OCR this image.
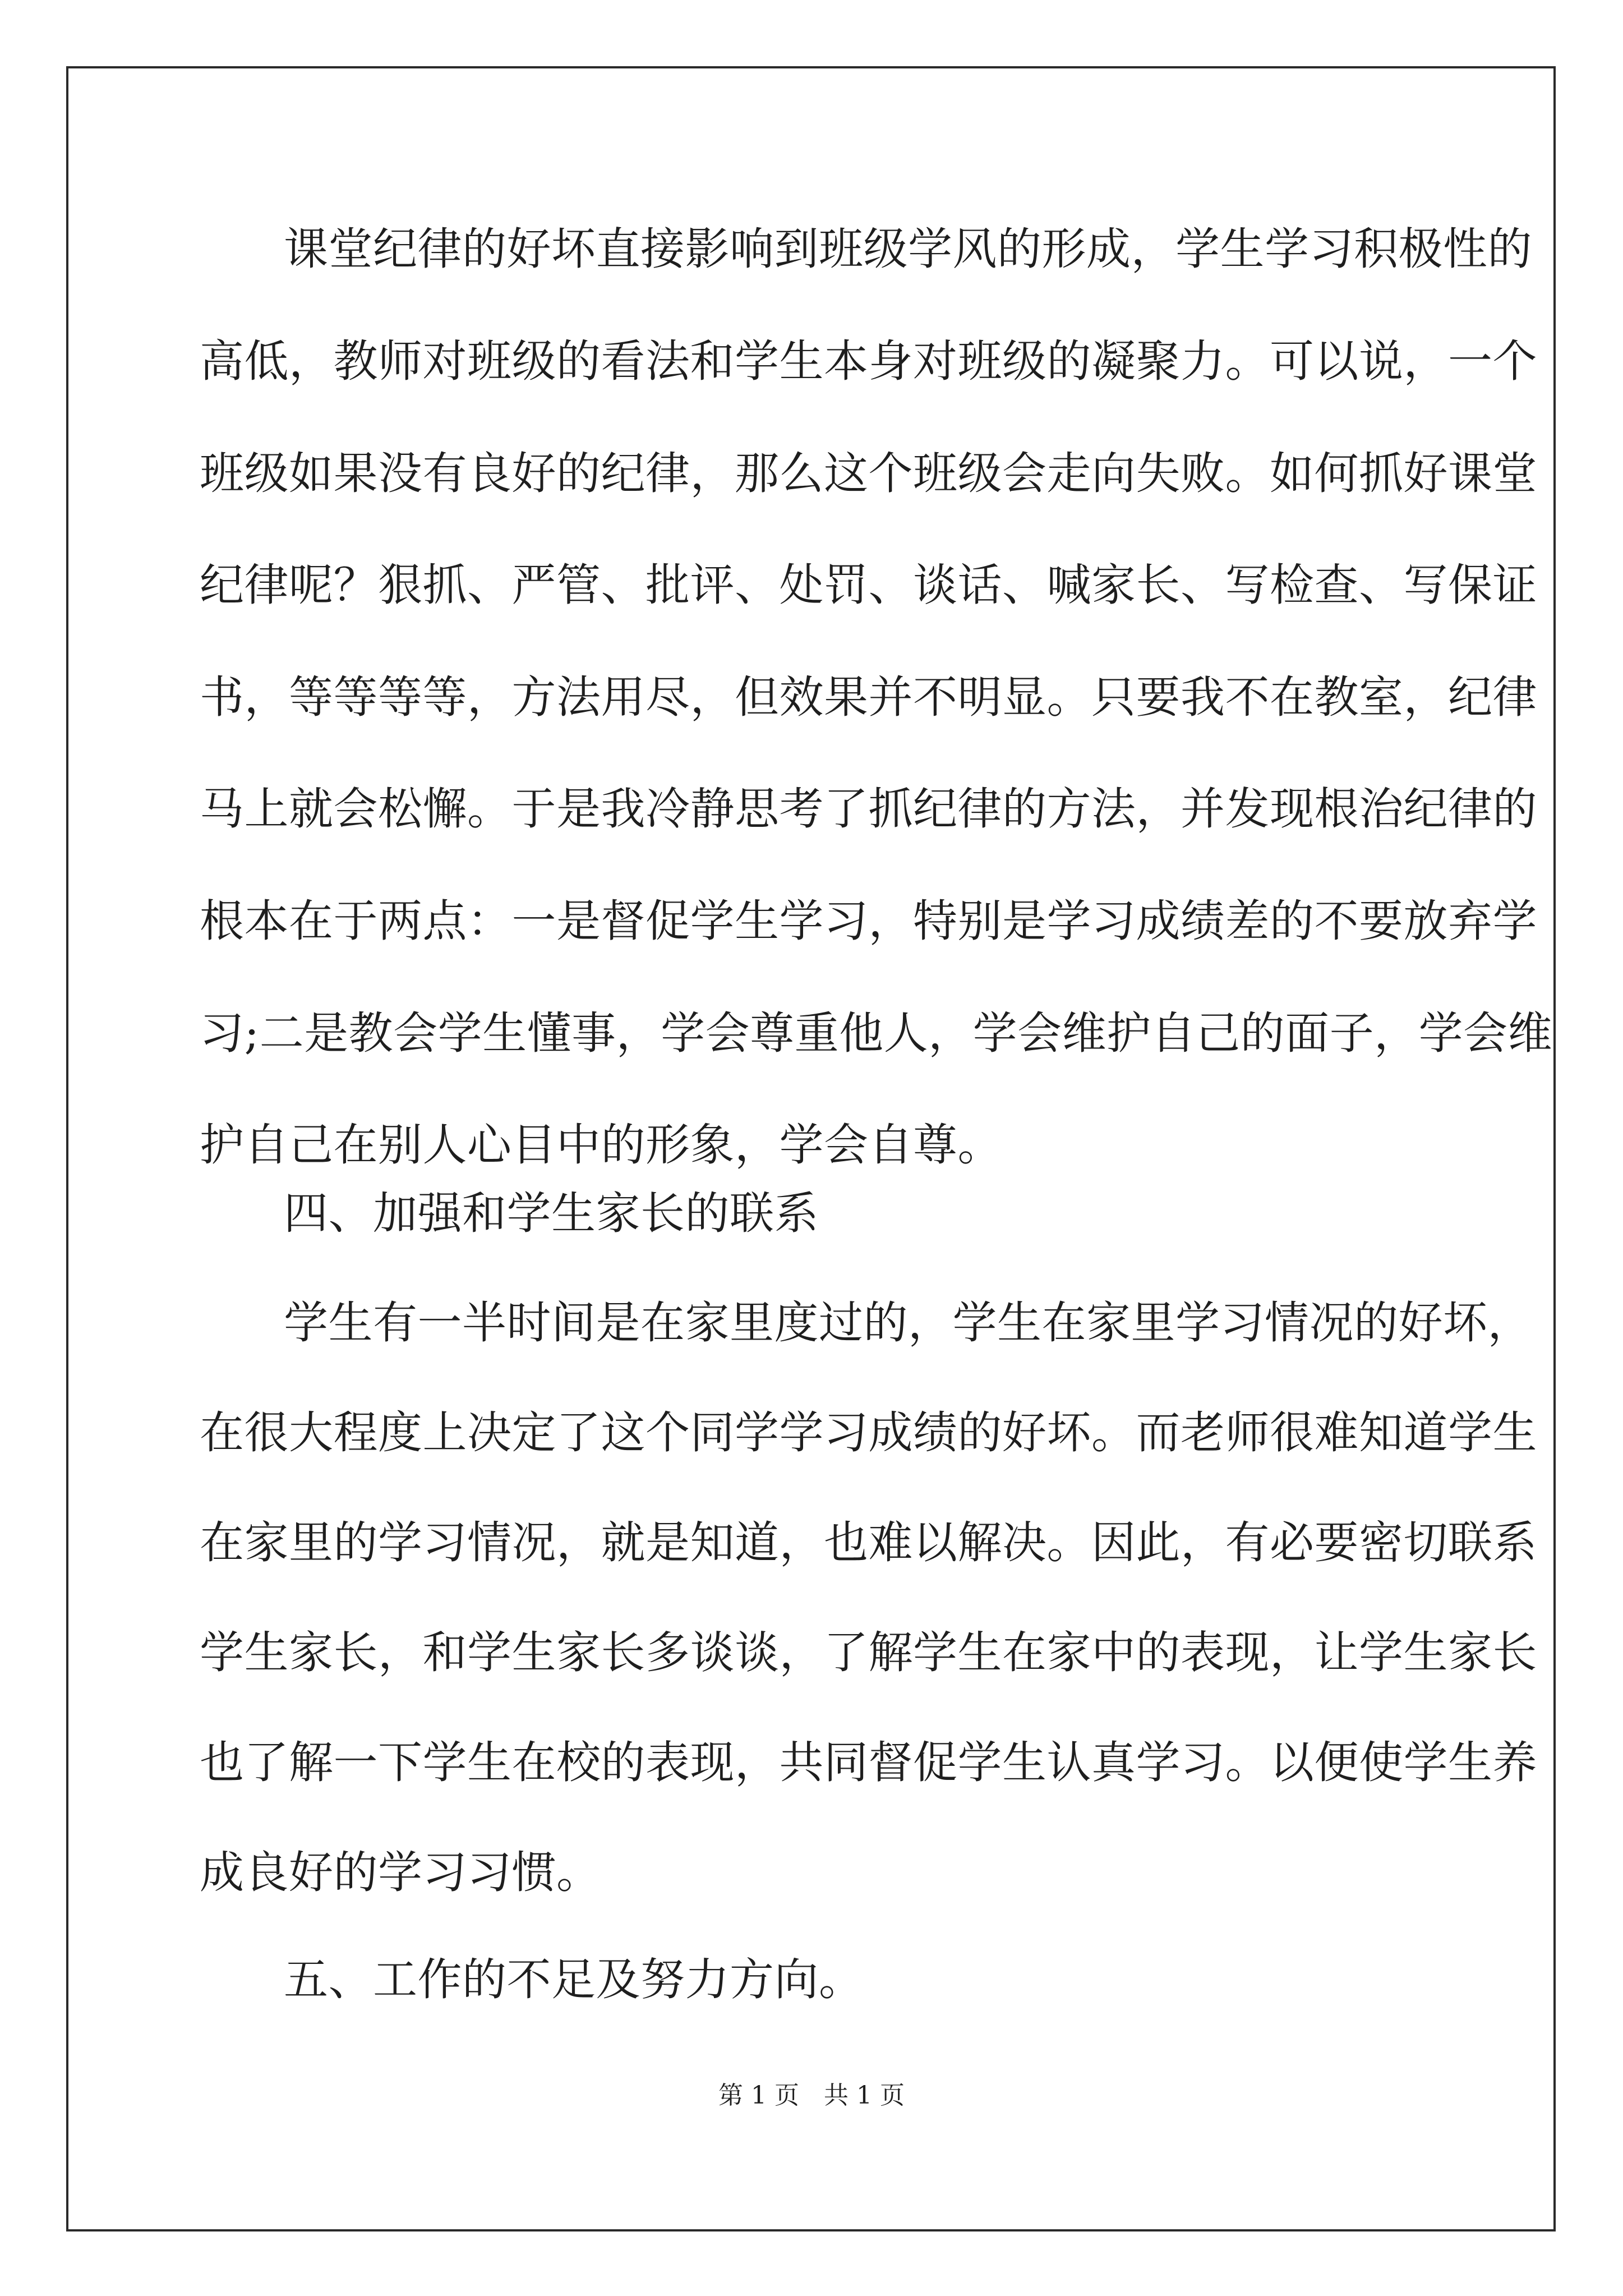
课堂纪律的好坏直接影响到班级学风的形成，学生学习积极性的
高低，教师对班级的看法和学生本身对班级的凝聚力。可以说，一个
班级如果没有良好的纪律，那么这个班级会走向失败。如何抓好课堂
纪律呢？狠抓、严管、批评、处罚、谈话、喊家长、写检查、写保证
书，等等等等，方法用尽，但效果并不明显。只要我不在教室，纪律
马上就会松懈。于是我冷静思考了抓纪律的方法，并发现根治纪律的
根本在于两点：一是督促学生学习，特别是学习成绩差的不要放弃学
习;二是教会学生懂事，学会尊重他人，学会维护自己的面子，学会维
护自己在别人心目中的形象，学会自尊。
四、加强和学生家长的联系
学生有一半时间是在家里度过的，学生在家里学习情况的好坏，
在很大程度上决定了这个同学学习成绩的好坏。而老师很难知道学生
在家里的学习情况，就是知道，也难以解决。因此，有必要密切联系
学生家长，和学生家长多谈谈，了解学生在家中的表现，让学生家长
也了解一下学生在校的表现，共同督促学生认真学习。以便使学生养
成良好的学习习惯。
五、工作的不足及努力方向。
第 1 页　共 1 页
